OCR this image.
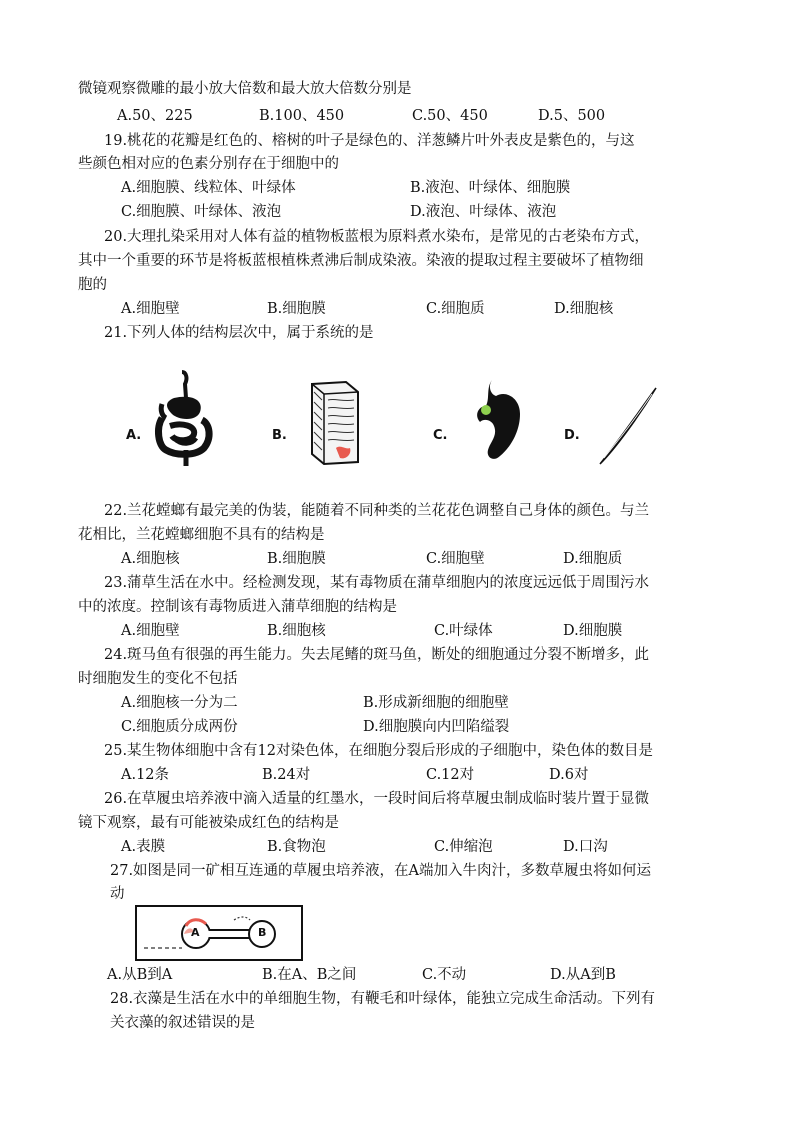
微镜观察微雕的最小放大倍数和最大放大倍数分别是
A.50、225	B.100、450	C.50、450	D.5、500
19.桃花的花瓣是红色的、榕树的叶子是绿色的、洋葱鳞片叶外表皮是紫色的，与这
些颜色相对应的色素分别存在于细胞中的
A.细胞膜、线粒体、叶绿体	B.液泡、叶绿体、细胞膜
C.细胞膜、叶绿体、液泡	D.液泡、叶绿体、液泡
20.大理扎染采用对人体有益的植物板蓝根为原料煮水染布，是常见的古老染布方式，
其中一个重要的环节是将板蓝根植株煮沸后制成染液。染液的提取过程主要破坏了植物细
胞的
A.细胞壁	B.细胞膜	C.细胞质	D.细胞核
21.下列人体的结构层次中，属于系统的是
A.	B.	C.	D.
22.兰花螳螂有最完美的伪装，能随着不同种类的兰花花色调整自己身体的颜色。与兰
花相比，兰花螳螂细胞不具有的结构是
A.细胞核	B.细胞膜	C.细胞壁	D.细胞质
23.蒲草生活在水中。经检测发现，某有毒物质在蒲草细胞内的浓度远远低于周围污水
中的浓度。控制该有毒物质进入蒲草细胞的结构是
A.细胞壁	B.细胞核	C.叶绿体	D.细胞膜
24.斑马鱼有很强的再生能力。失去尾鳍的斑马鱼，断处的细胞通过分裂不断增多，此
时细胞发生的变化不包括
A.细胞核一分为二	B.形成新细胞的细胞壁
C.细胞质分成两份	D.细胞膜向内凹陷缢裂
25.某生物体细胞中含有12对染色体，在细胞分裂后形成的子细胞中，染色体的数目是
A.12条	B.24对	C.12对	D.6对
26.在草履虫培养液中滴入适量的红墨水，一段时间后将草履虫制成临时装片置于显微
镜下观察，最有可能被染成红色的结构是
A.表膜	B.食物泡	C.伸缩泡	D.口沟
27.如图是同一矿相互连通的草履虫培养液，在A端加入牛肉汁，多数草履虫将如何运
动
A	B
A.从B到A	B.在A、B之间	C.不动	D.从A到B
28.衣藻是生活在水中的单细胞生物，有鞭毛和叶绿体，能独立完成生命活动。下列有
关衣藻的叙述错误的是
